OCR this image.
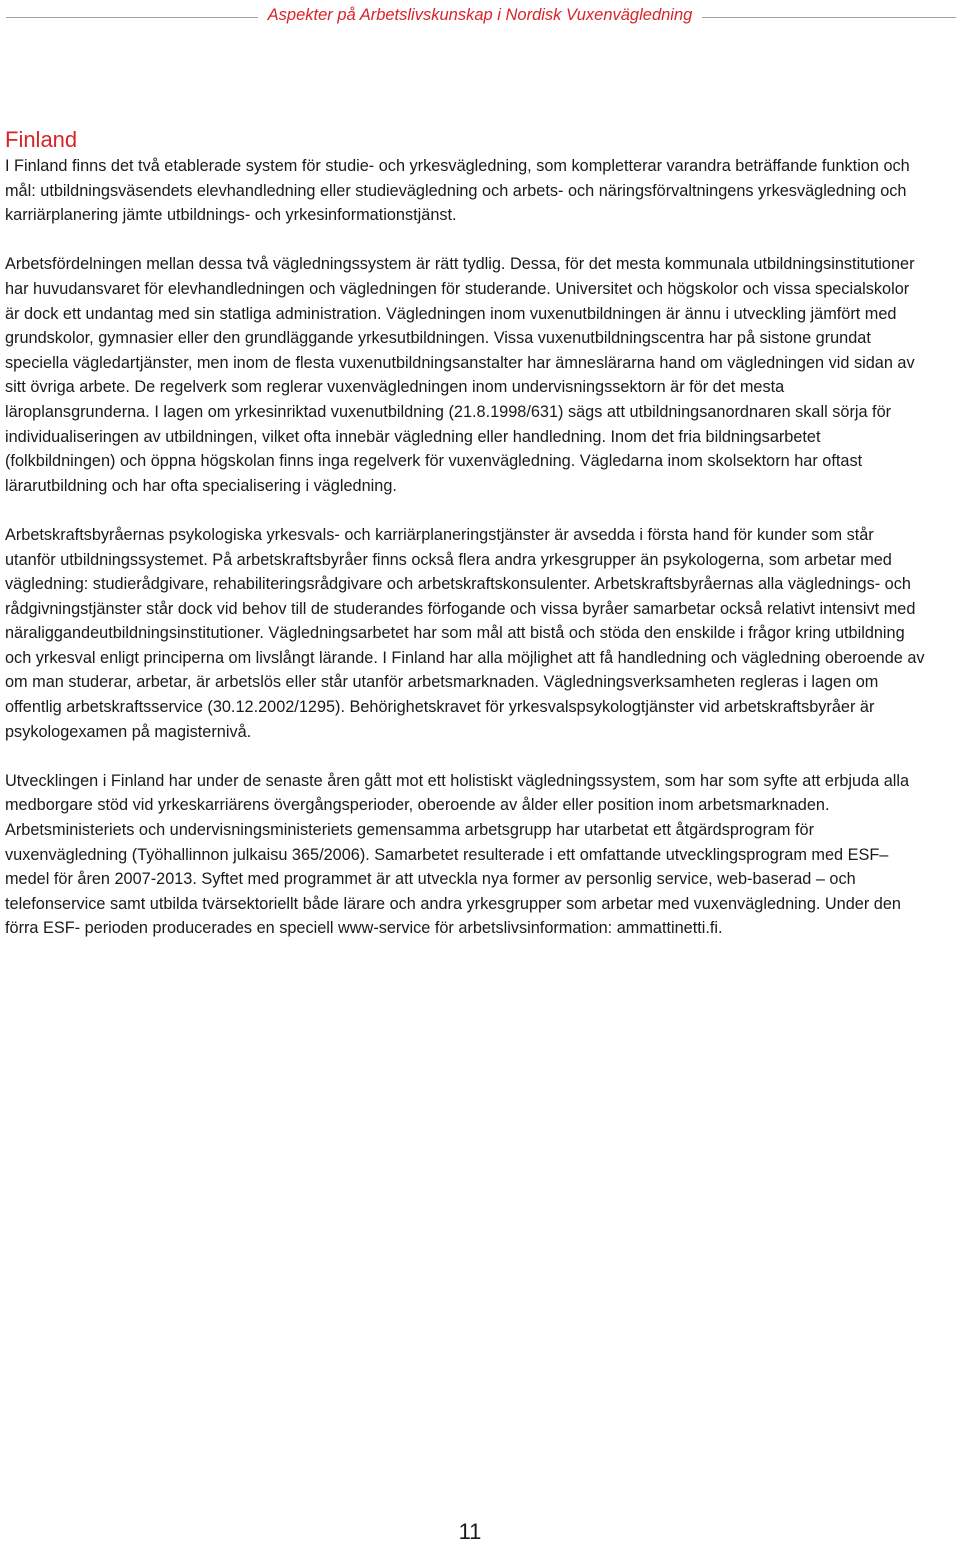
Aspekter på Arbetslivskunskap i Nordisk Vuxenvägledning
Finland

I Finland finns det två etablerade system för studie- och yrkesvägledning, som kompletterar varandra beträffande funktion och mål: utbildningsväsendets elevhandledning eller studievägledning och arbets- och näringsförvaltningens yrkesvägledning och karriärplanering jämte utbildnings- och yrkesinformationstjänst.

Arbetsfördelningen mellan dessa två vägledningssystem är rätt tydlig. Dessa, för det mesta kommunala utbildningsinstitutioner har huvudansvaret för elevhandledningen och vägledningen för studerande. Universitet och högskolor och vissa specialskolor är dock ett undantag med sin statliga administration. Vägledningen inom vuxenutbildningen är ännu i utveckling jämfört med grundskolor, gymnasier eller den grundläggande yrkesutbildningen. Vissa vuxenutbildningscentra har på sistone grundat speciella vägledartjänster, men inom de flesta vuxenutbildningsanstalter har ämneslärarna hand om vägledningen vid sidan av sitt övriga arbete. De regelverk som reglerar vuxenvägledningen inom undervisningssektorn är för det mesta läroplansgrunderna. I lagen om yrkesinriktad vuxenutbildning (21.8.1998/631) sägs att utbildningsanordnaren skall sörja för individualiseringen av utbildningen, vilket ofta innebär vägledning eller handledning. Inom det fria bildningsarbetet (folkbildningen) och öppna högskolan finns inga regelverk för vuxenvägledning. Vägledarna inom skolsektorn har oftast lärarutbildning och har ofta specialisering i vägledning.

Arbetskraftsbyråernas psykologiska yrkesvals- och karriärplaneringstjänster är avsedda i första hand för kunder som står utanför utbildningssystemet. På arbetskraftsbyråer finns också flera andra yrkesgrupper än psykologerna, som arbetar med vägledning: studierådgivare, rehabiliteringsrådgivare och arbetskraftskonsulenter. Arbetskraftsbyråernas alla väglednings- och rådgivningstjänster står dock vid behov till de studerandes förfogande och vissa byråer samarbetar också relativt intensivt med näraliggandeutbildningsinstitutioner. Vägledningsarbetet har som mål att bistå och stöda den enskilde i frågor kring utbildning och yrkesval enligt principerna om livslångt lärande. I Finland har alla möjlighet att få handledning och vägledning oberoende av om man studerar, arbetar, är arbetslös eller står utanför arbetsmarknaden. Vägledningsverksamheten regleras i lagen om offentlig arbetskraftsservice (30.12.2002/1295). Behörighetskravet för yrkesvalspsykologtjänster vid arbetskraftsbyråer är psykologexamen på magisternivå.

Utvecklingen i Finland har under de senaste åren gått mot ett holistiskt vägledningssystem, som har som syfte att erbjuda alla medborgare stöd vid yrkeskarriärens övergångsperioder, oberoende av ålder eller position inom arbetsmarknaden. Arbetsministeriets och undervisningsministeriets gemensamma arbetsgrupp har utarbetat ett åtgärdsprogram för vuxenvägledning (Työhallinnon julkaisu 365/2006). Samarbetet resulterade i ett omfattande utvecklingsprogram med ESF–medel för åren 2007-2013. Syftet med programmet är att utveckla nya former av personlig service, web-baserad – och telefonservice samt utbilda tvärsektoriellt både lärare och andra yrkesgrupper som arbetar med vuxenvägledning. Under den förra ESF- perioden producerades en speciell www-service för arbetslivsinformation: ammattinetti.fi.

11
